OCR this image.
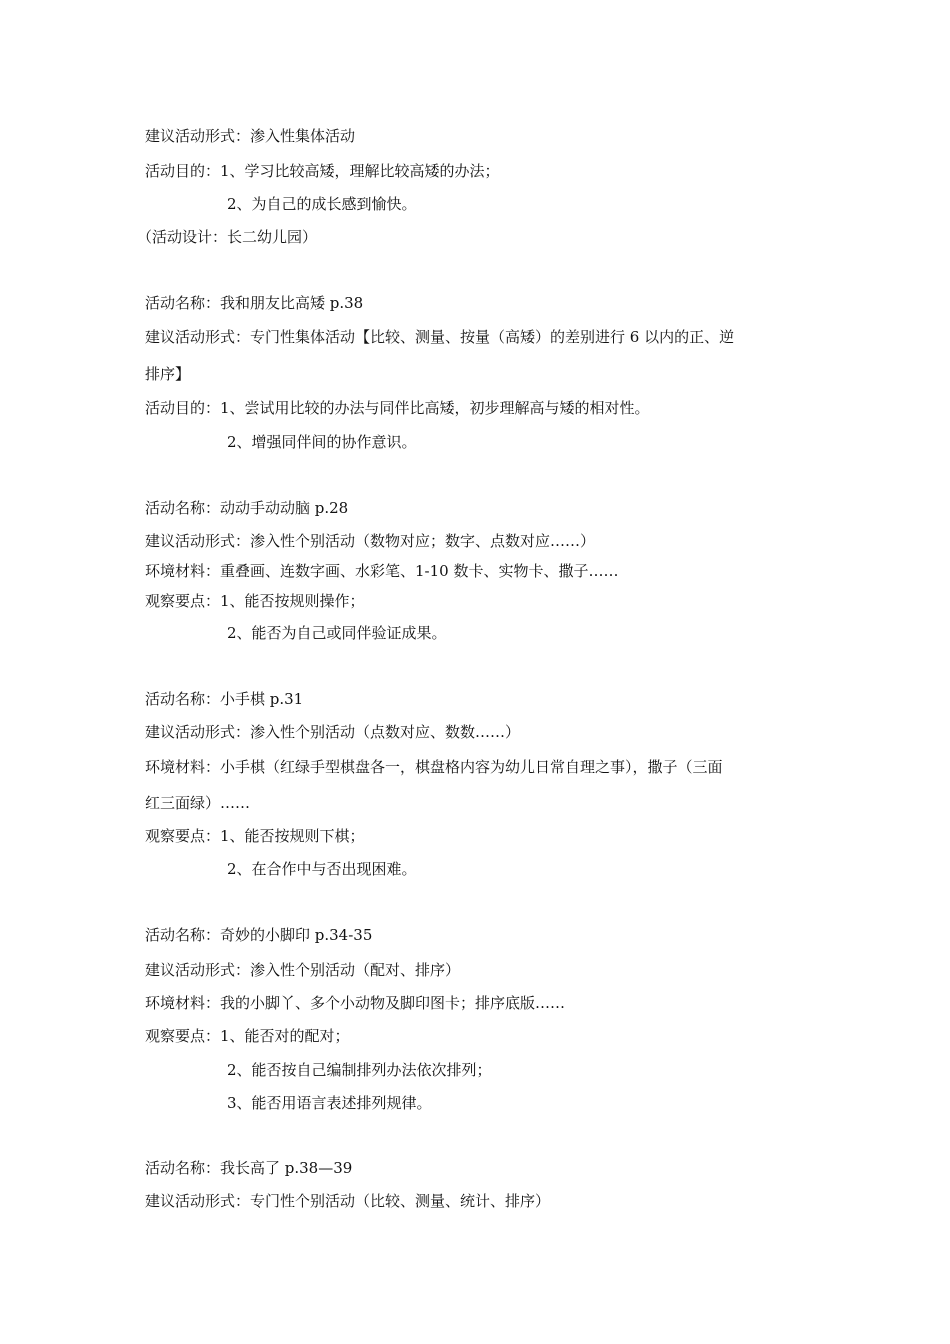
建议活动形式：渗入性集体活动
活动目的：1、学习比较高矮，理解比较高矮的办法；
2、为自己的成长感到愉快。
（活动设计：长二幼儿园）
活动名称：我和朋友比高矮 p.38
建议活动形式：专门性集体活动【比较、测量、按量（高矮）的差别进行 6 以内的正、逆
排序】
活动目的：1、尝试用比较的办法与同伴比高矮，初步理解高与矮的相对性。
2、增强同伴间的协作意识。
活动名称：动动手动动脑 p.28
建议活动形式：渗入性个别活动（数物对应；数字、点数对应……）
环境材料：重叠画、连数字画、水彩笔、1-10 数卡、实物卡、撒子……
观察要点：1、能否按规则操作；
2、能否为自己或同伴验证成果。
活动名称：小手棋 p.31
建议活动形式：渗入性个别活动（点数对应、数数……）
环境材料：小手棋（红绿手型棋盘各一，棋盘格内容为幼儿日常自理之事），撒子（三面
红三面绿）……
观察要点：1、能否按规则下棋；
2、在合作中与否出现困难。
活动名称：奇妙的小脚印 p.34-35
建议活动形式：渗入性个别活动（配对、排序）
环境材料：我的小脚丫、多个小动物及脚印图卡；排序底版……
观察要点：1、能否对的配对；
2、能否按自己编制排列办法依次排列；
3、能否用语言表述排列规律。
活动名称：我长高了 p.38—39
建议活动形式：专门性个别活动（比较、测量、统计、排序）
